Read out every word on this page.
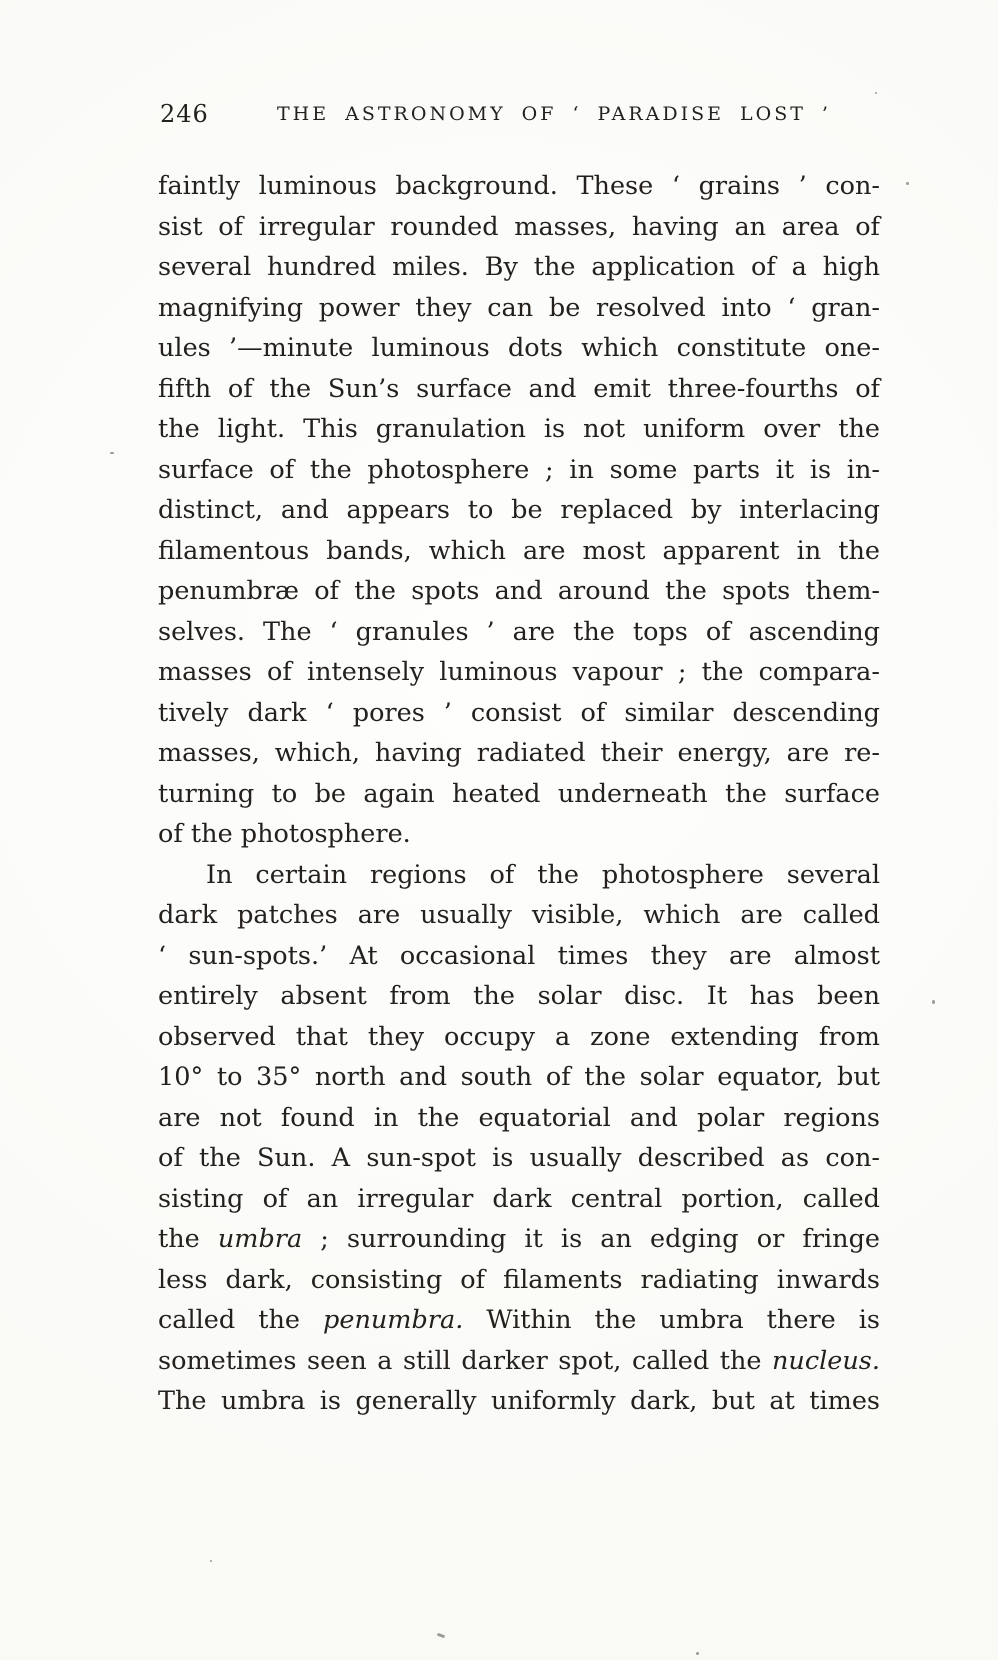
246	THE ASTRONOMY OF ‘ PARADISE LOST ’
faintly luminous background. These ‘ grains ’ con-
sist of irregular rounded masses, having an area of
several hundred miles. By the application of a high
magnifying power they can be resolved into ‘ gran-
ules ’—minute luminous dots which constitute one-
fifth of the Sun’s surface and emit three-fourths of
the light. This granulation is not uniform over the
surface of the photosphere ; in some parts it is in-
distinct, and appears to be replaced by interlacing
filamentous bands, which are most apparent in the
penumbræ of the spots and around the spots them-
selves. The ‘ granules ’ are the tops of ascending
masses of intensely luminous vapour ; the compara-
tively dark ‘ pores ’ consist of similar descending
masses, which, having radiated their energy, are re-
turning to be again heated underneath the surface
of the photosphere.
In certain regions of the photosphere several
dark patches are usually visible, which are called
‘ sun-spots.’ At occasional times they are almost
entirely absent from the solar disc. It has been
observed that they occupy a zone extending from
10° to 35° north and south of the solar equator, but
are not found in the equatorial and polar regions
of the Sun. A sun-spot is usually described as con-
sisting of an irregular dark central portion, called
the umbra ; surrounding it is an edging or fringe
less dark, consisting of filaments radiating inwards
called the penumbra. Within the umbra there is
sometimes seen a still darker spot, called the nucleus.
The umbra is generally uniformly dark, but at times
